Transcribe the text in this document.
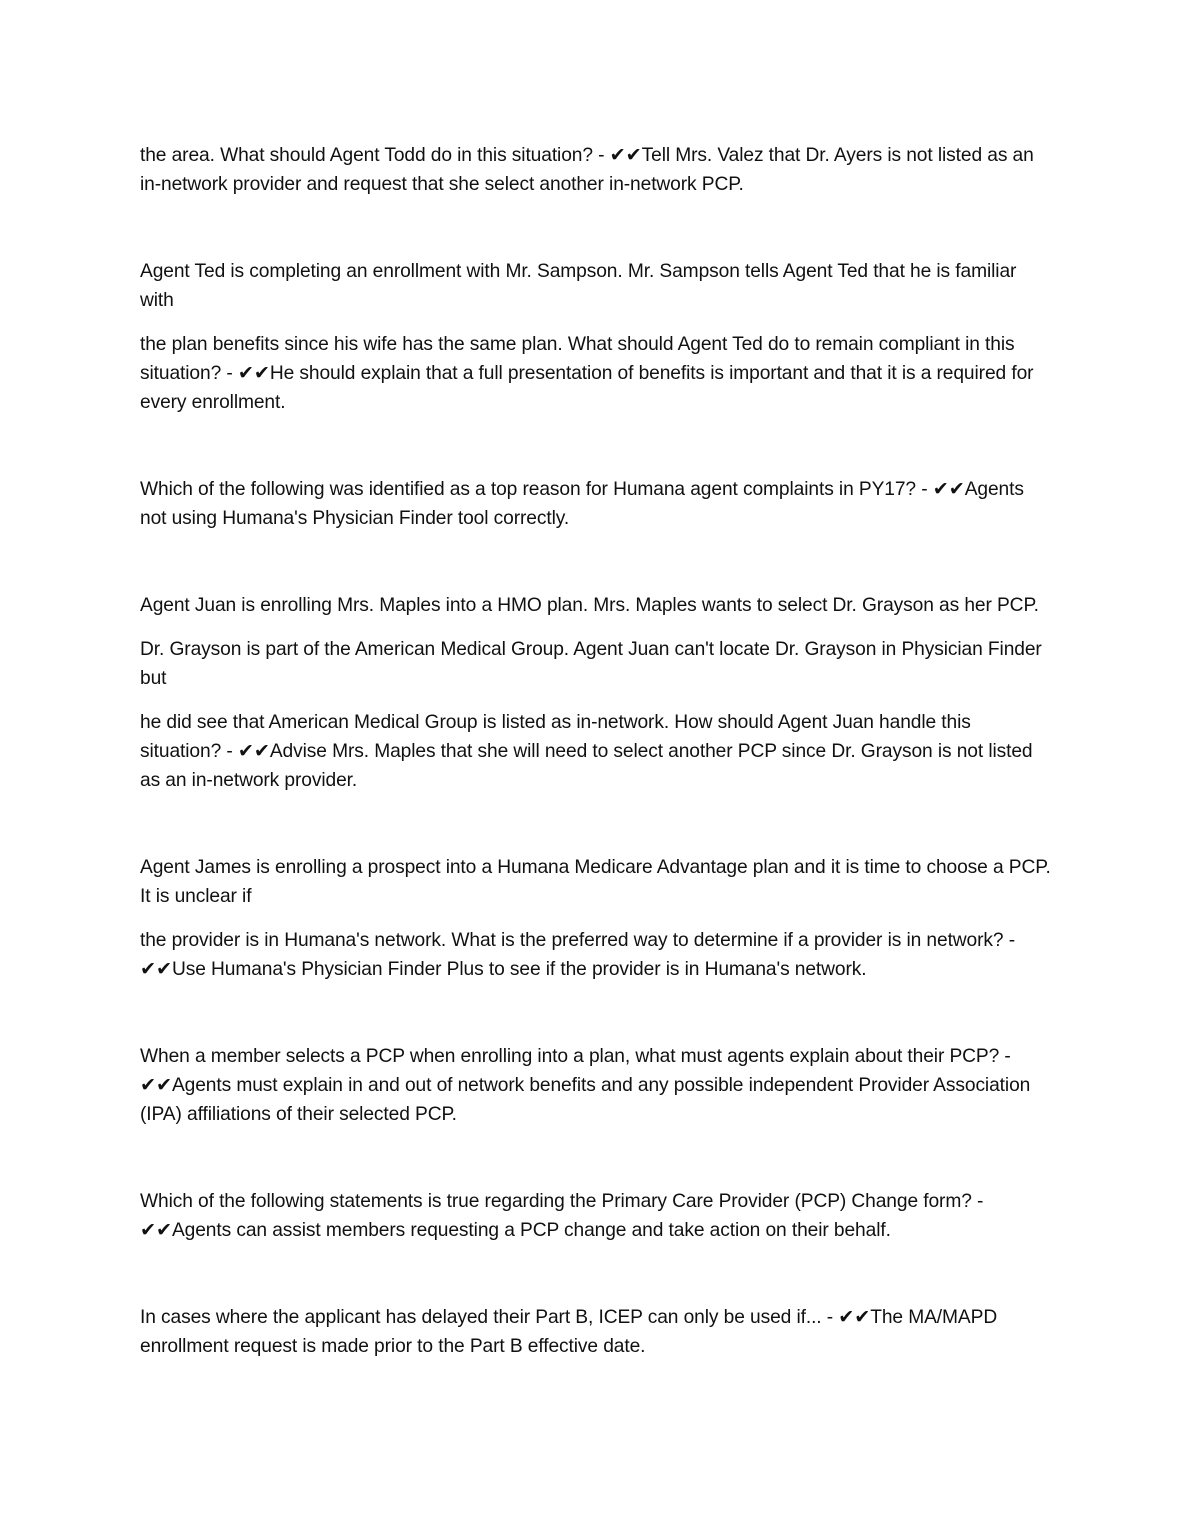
the area. What should Agent Todd do in this situation? - ✔✔Tell Mrs. Valez that Dr. Ayers is not listed as an in-network provider and request that she select another in-network PCP.

Agent Ted is completing an enrollment with Mr. Sampson. Mr. Sampson tells Agent Ted that he is familiar with

the plan benefits since his wife has the same plan. What should Agent Ted do to remain compliant in this situation? - ✔✔He should explain that a full presentation of benefits is important and that it is a required for every enrollment.

Which of the following was identified as a top reason for Humana agent complaints in PY17? - ✔✔Agents not using Humana's Physician Finder tool correctly.

Agent Juan is enrolling Mrs. Maples into a HMO plan. Mrs. Maples wants to select Dr. Grayson as her PCP.

Dr. Grayson is part of the American Medical Group. Agent Juan can't locate Dr. Grayson in Physician Finder but

he did see that American Medical Group is listed as in-network. How should Agent Juan handle this situation? - ✔✔Advise Mrs. Maples that she will need to select another PCP since Dr. Grayson is not listed as an in-network provider.

Agent James is enrolling a prospect into a Humana Medicare Advantage plan and it is time to choose a PCP. It is unclear if

the provider is in Humana's network. What is the preferred way to determine if a provider is in network? - ✔✔Use Humana's Physician Finder Plus to see if the provider is in Humana's network.

When a member selects a PCP when enrolling into a plan, what must agents explain about their PCP? - ✔✔Agents must explain in and out of network benefits and any possible independent Provider Association (IPA) affiliations of their selected PCP.

Which of the following statements is true regarding the Primary Care Provider (PCP) Change form? - ✔✔Agents can assist members requesting a PCP change and take action on their behalf.

In cases where the applicant has delayed their Part B, ICEP can only be used if... - ✔✔The MA/MAPD enrollment request is made prior to the Part B effective date.
